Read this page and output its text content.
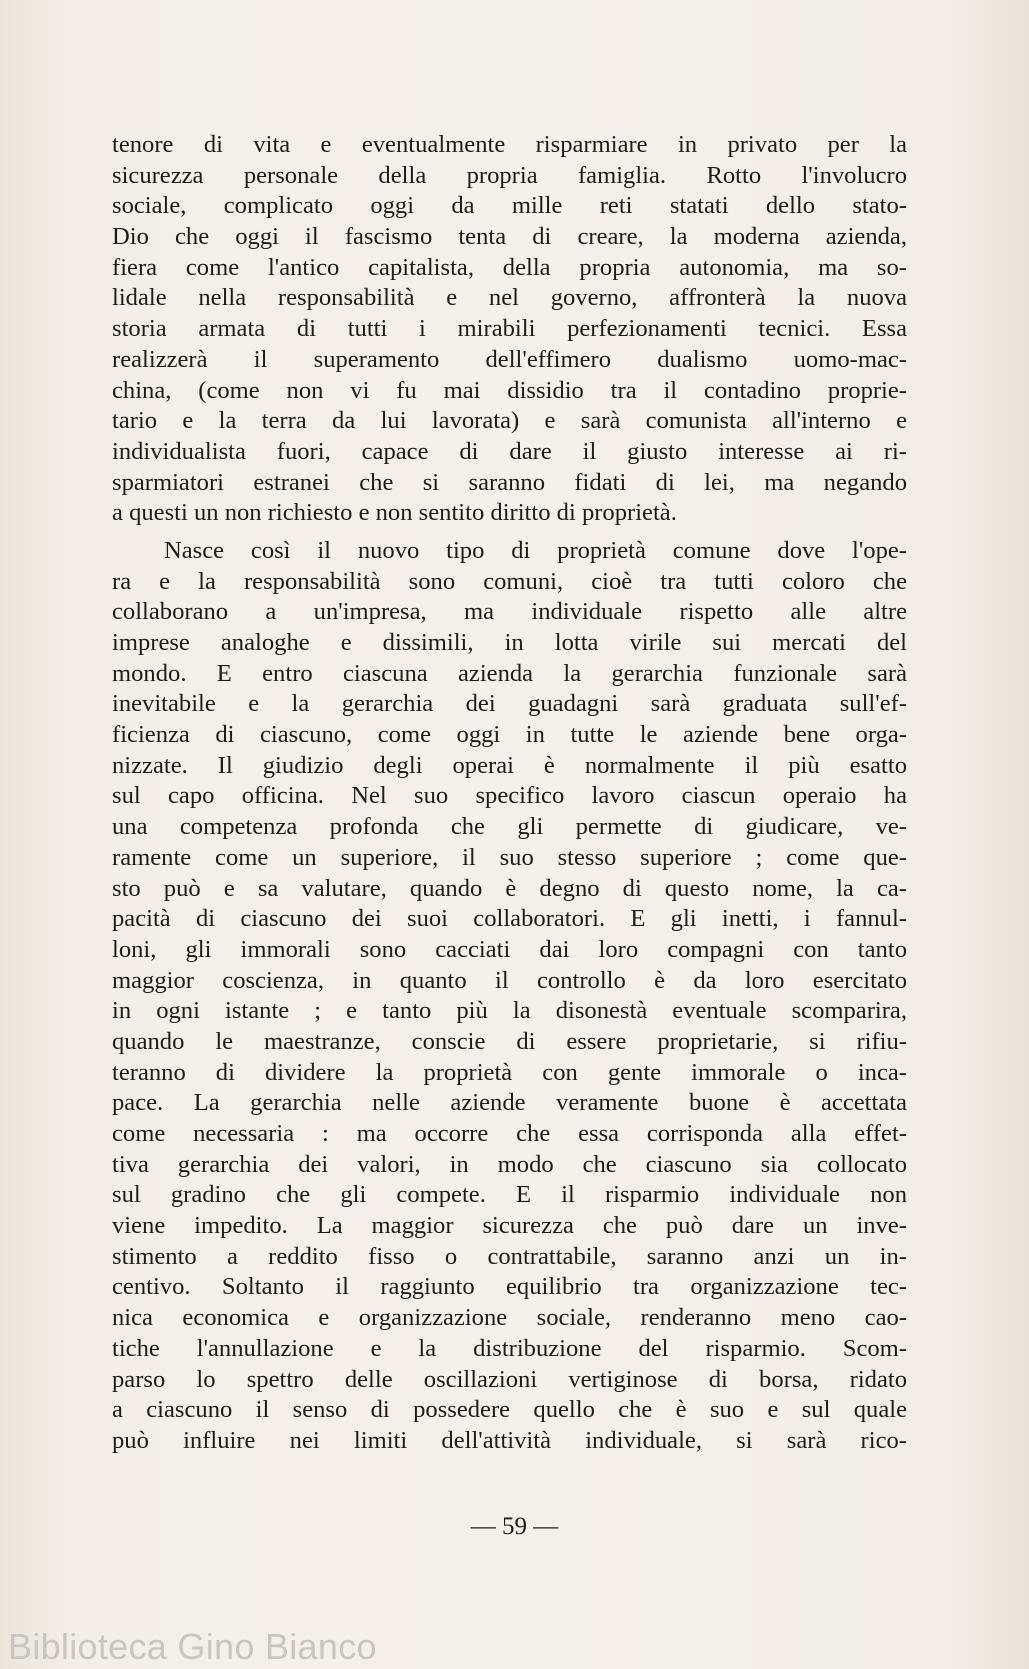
tenore di vita e eventualmente risparmiare in privato per la
sicurezza personale della propria famiglia. Rotto l'involucro
sociale, complicato oggi da mille reti statati dello stato-
Dio che oggi il fascismo tenta di creare, la moderna azienda,
fiera come l'antico capitalista, della propria autonomia, ma so-
lidale nella responsabilità e nel governo, affronterà la nuova
storia armata di tutti i mirabili perfezionamenti tecnici. Essa
realizzerà il superamento dell'effimero dualismo uomo-mac-
china, (come non vi fu mai dissidio tra il contadino proprie-
tario e la terra da lui lavorata) e sarà comunista all'interno e
individualista fuori, capace di dare il giusto interesse ai ri-
sparmiatori estranei che si saranno fidati di lei, ma negando
a questi un non richiesto e non sentito diritto di proprietà.
Nasce così il nuovo tipo di proprietà comune dove l'ope-
ra e la responsabilità sono comuni, cioè tra tutti coloro che
collaborano a un'impresa, ma individuale rispetto alle altre
imprese analoghe e dissimili, in lotta virile sui mercati del
mondo. E entro ciascuna azienda la gerarchia funzionale sarà
inevitabile e la gerarchia dei guadagni sarà graduata sull'ef-
ficienza di ciascuno, come oggi in tutte le aziende bene orga-
nizzate. Il giudizio degli operai è normalmente il più esatto
sul capo officina. Nel suo specifico lavoro ciascun operaio ha
una competenza profonda che gli permette di giudicare, ve-
ramente come un superiore, il suo stesso superiore ; come que-
sto può e sa valutare, quando è degno di questo nome, la ca-
pacità di ciascuno dei suoi collaboratori. E gli inetti, i fannul-
loni, gli immorali sono cacciati dai loro compagni con tanto
maggior coscienza, in quanto il controllo è da loro esercitato
in ogni istante ; e tanto più la disonestà eventuale scomparira,
quando le maestranze, conscie di essere proprietarie, si rifiu-
teranno di dividere la proprietà con gente immorale o inca-
pace. La gerarchia nelle aziende veramente buone è accettata
come necessaria : ma occorre che essa corrisponda alla effet-
tiva gerarchia dei valori, in modo che ciascuno sia collocato
sul gradino che gli compete. E il risparmio individuale non
viene impedito. La maggior sicurezza che può dare un inve-
stimento a reddito fisso o contrattabile, saranno anzi un in-
centivo. Soltanto il raggiunto equilibrio tra organizzazione tec-
nica economica e organizzazione sociale, renderanno meno cao-
tiche l'annullazione e la distribuzione del risparmio. Scom-
parso lo spettro delle oscillazioni vertiginose di borsa, ridato
a ciascuno il senso di possedere quello che è suo e sul quale
può influire nei limiti dell'attività individuale, si sarà rico-
— 59 —
Biblioteca Gino Bianco
